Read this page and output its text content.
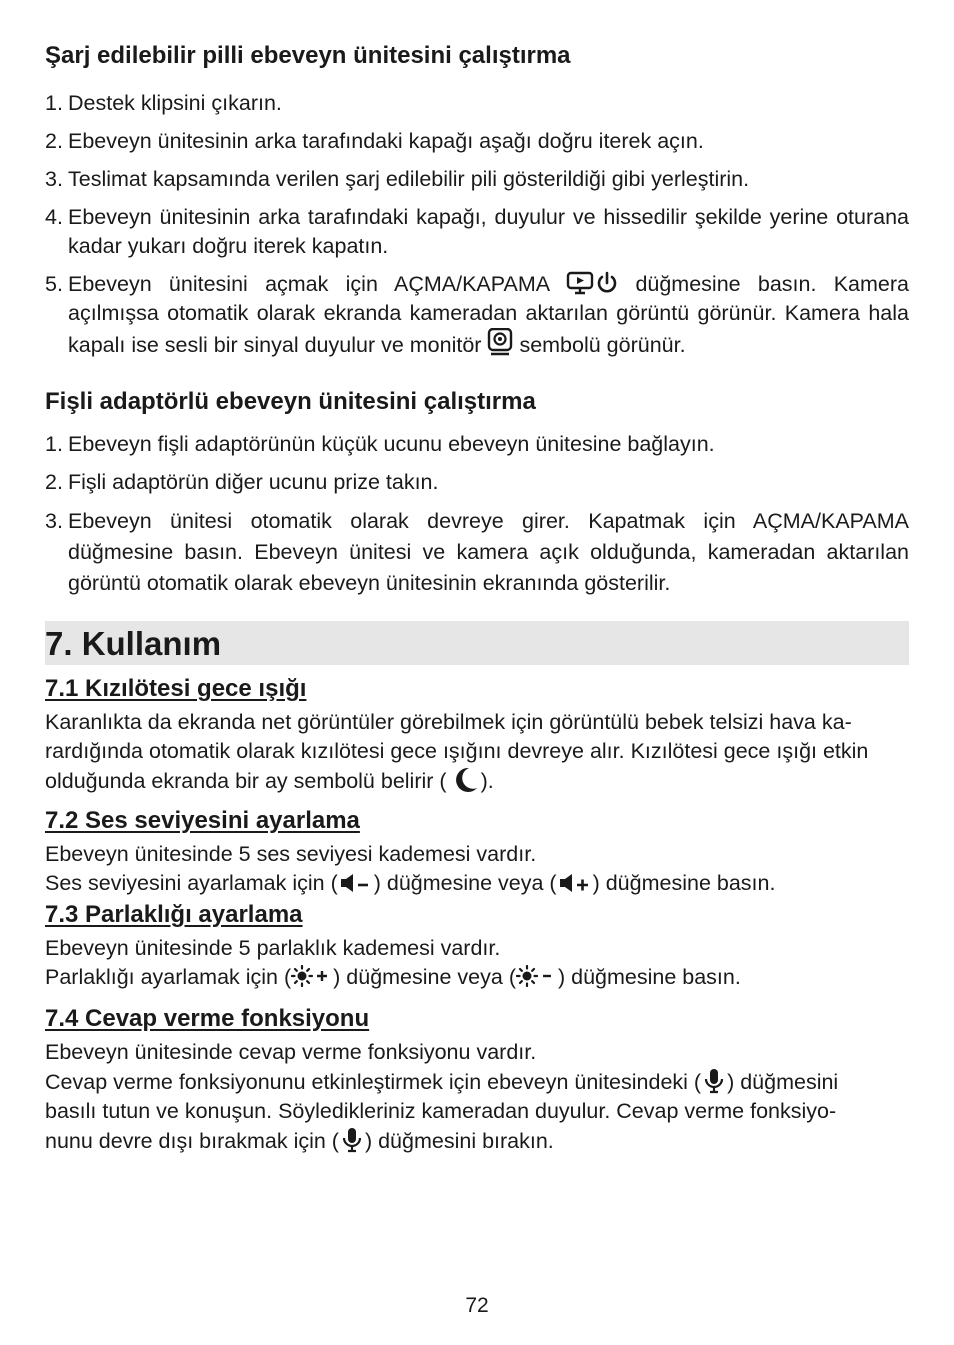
Şarj edilebilir pilli ebeveyn ünitesini çalıştırma
1. Destek klipsini çıkarın.

2. Ebeveyn ünitesinin arka tarafındaki kapağı aşağı doğru iterek açın.

3. Teslimat kapsamında verilen şarj edilebilir pili gösterildiği gibi yerleştirin.

4. Ebeveyn ünitesinin arka tarafındaki kapağı, duyulur ve hissedilir şekilde yerine oturana kadar yukarı doğru iterek kapatın.

5. Ebeveyn ünitesini açmak için AÇMA/KAPAMA	düğmesine basın. Kamera açılmışsa otomatik olarak ekranda kameradan aktarılan görüntü görünür. Kamera hala kapalı ise sesli bir sinyal duyulur ve monitör sembolü görünür.

Fişli adaptörlü ebeveyn ünitesini çalıştırma
1. Ebeveyn fişli adaptörünün küçük ucunu ebeveyn ünitesine bağlayın.

2. Fişli adaptörün diğer ucunu prize takın.

3. Ebeveyn ünitesi otomatik olarak devreye girer. Kapatmak için AÇMA/KAPAMA düğmesine basın. Ebeveyn ünitesi ve kamera açık olduğunda, kameradan aktarılan görüntü otomatik olarak ebeveyn ünitesinin ekranında gösterilir.

7. Kullanım
7.1 Kızılötesi gece ışığı
Karanlıkta da ekranda net görüntüler görebilmek için görüntülü bebek telsizi hava ka-
rardığında otomatik olarak kızılötesi gece ışığını devreye alır. Kızılötesi gece ışığı etkin
olduğunda ekranda bir ay sembolü belirir ( ).
7.2 Ses seviyesini ayarlama
Ebeveyn ünitesinde 5 ses seviyesi kademesi vardır.
Ses seviyesini ayarlamak için ( ) düğmesine veya ( ) düğmesine basın.
7.3 Parlaklığı ayarlama
Ebeveyn ünitesinde 5 parlaklık kademesi vardır.
Parlaklığı ayarlamak için ( ) düğmesine veya ( ) düğmesine basın.
7.4 Cevap verme fonksiyonu
Ebeveyn ünitesinde cevap verme fonksiyonu vardır.
Cevap verme fonksiyonunu etkinleştirmek için ebeveyn ünitesindeki ( ) düğmesini
basılı tutun ve konuşun. Söyledikleriniz kameradan duyulur. Cevap verme fonksiyo-
nunu devre dışı bırakmak için ( ) düğmesini bırakın.
72
